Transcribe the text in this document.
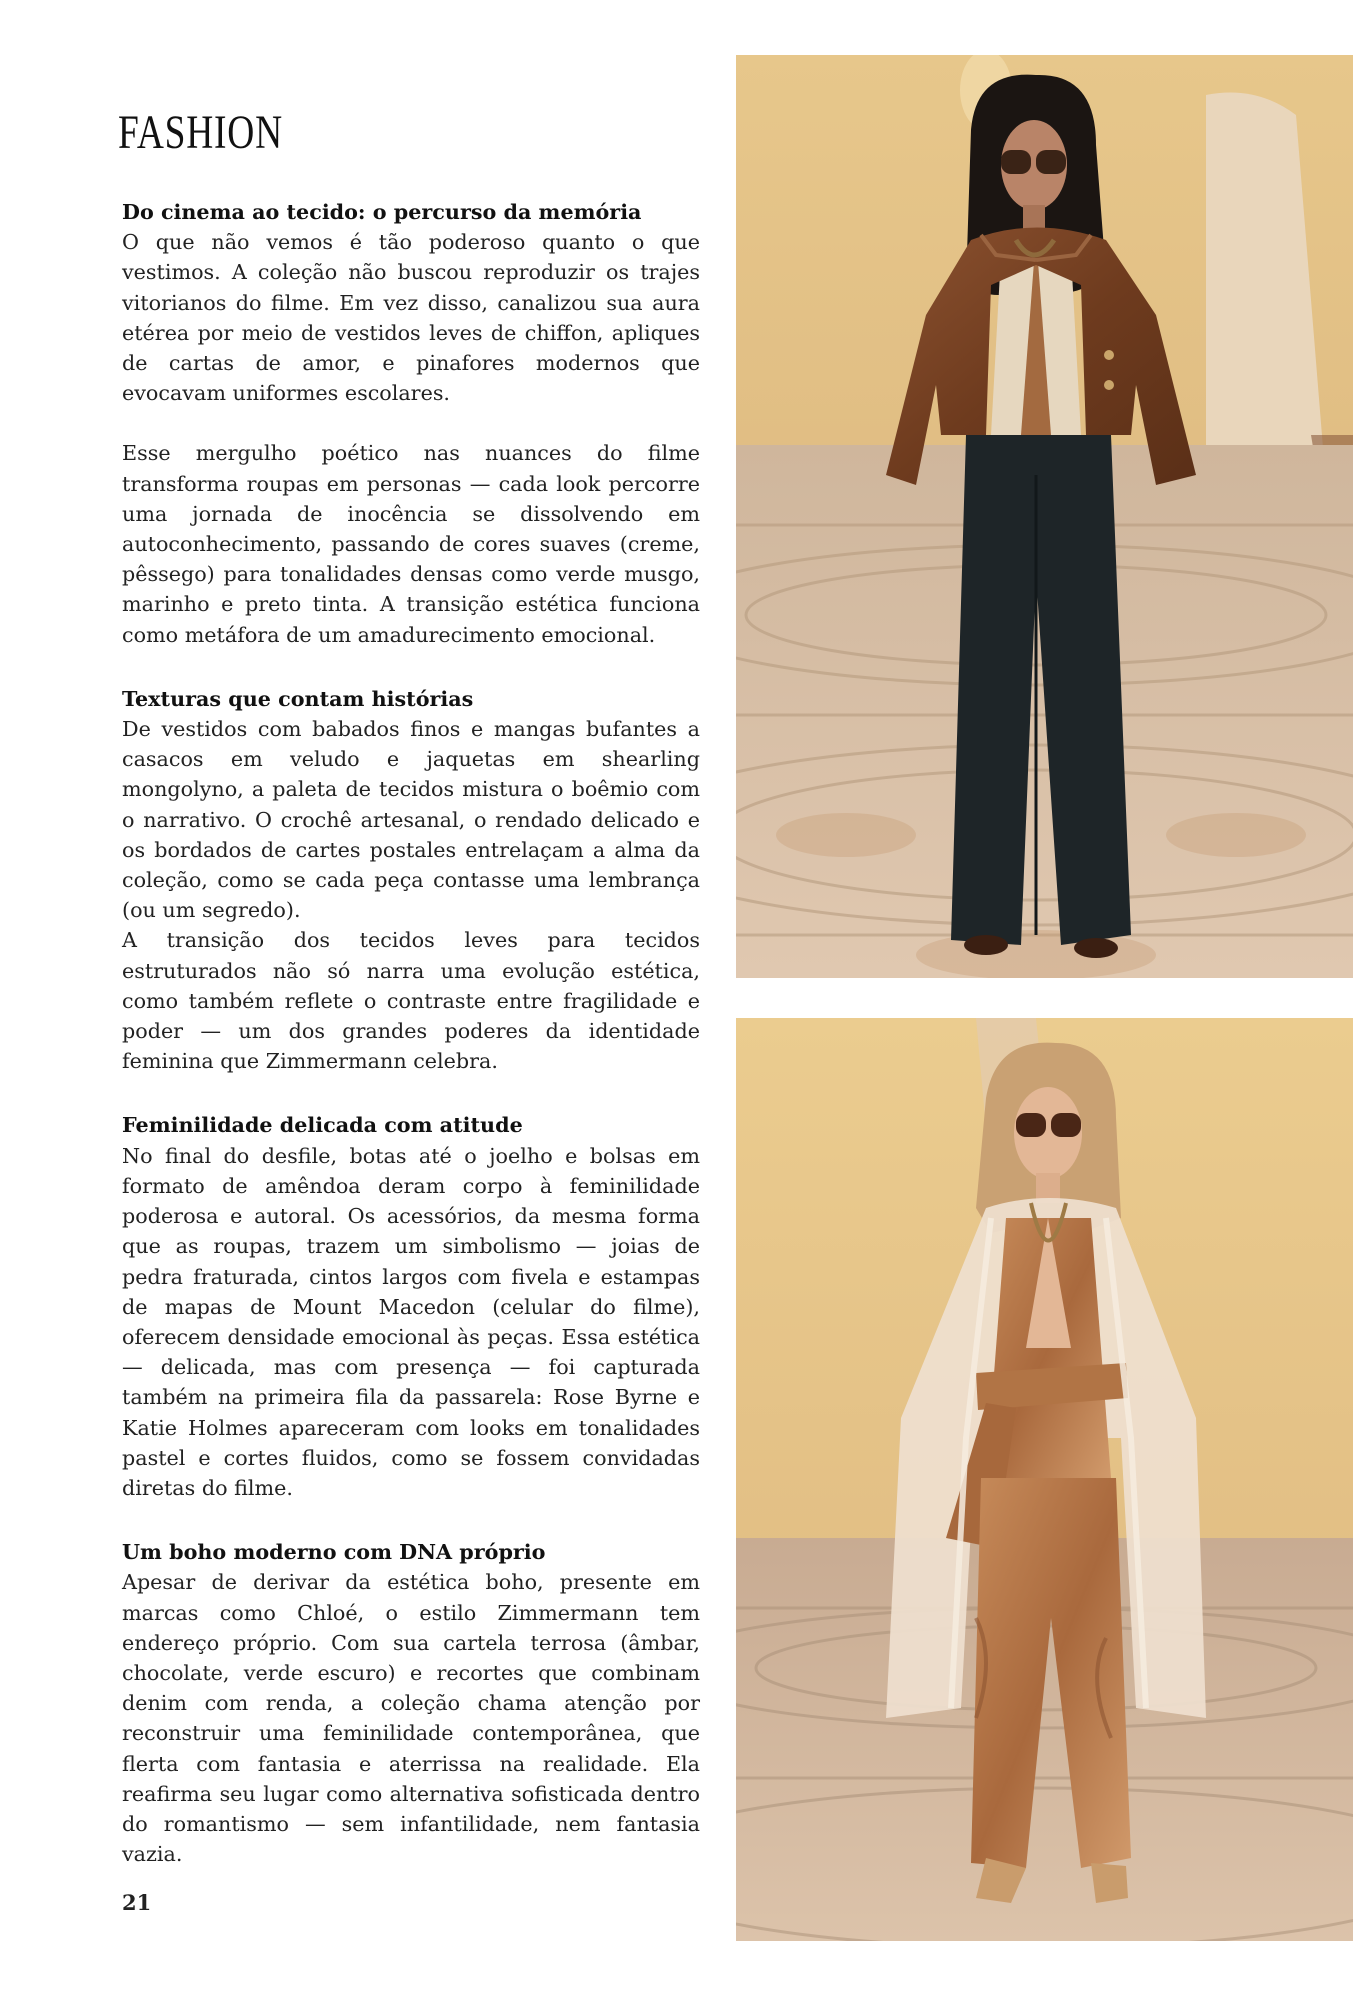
FASHION
Do cinema ao tecido: o percurso da memória

O que não vemos é tão poderoso quanto o que vestimos. A coleção não buscou reproduzir os trajes vitorianos do filme. Em vez disso, canalizou sua aura etérea por meio de vestidos leves de chiffon, apliques de cartas de amor, e pinafores modernos que evocavam uniformes escolares.

Esse mergulho poético nas nuances do filme transforma roupas em personas — cada look percorre uma jornada de inocência se dissolvendo em autoconhecimento, passando de cores suaves (creme, pêssego) para tonalidades densas como verde musgo, marinho e preto tinta. A transição estética funciona como metáfora de um amadurecimento emocional.

Texturas que contam histórias

De vestidos com babados finos e mangas bufantes a casacos em veludo e jaquetas em shearling mongolyno, a paleta de tecidos mistura o boêmio com o narrativo. O crochê artesanal, o rendado delicado e os bordados de cartes postales entrelaçam a alma da coleção, como se cada peça contasse uma lembrança (ou um segredo).

A transição dos tecidos leves para tecidos estruturados não só narra uma evolução estética, como também reflete o contraste entre fragilidade e poder — um dos grandes poderes da identidade feminina que Zimmermann celebra.

Feminilidade delicada com atitude

No final do desfile, botas até o joelho e bolsas em formato de amêndoa deram corpo à feminilidade poderosa e autoral. Os acessórios, da mesma forma que as roupas, trazem um simbolismo — joias de pedra fraturada, cintos largos com fivela e estampas de mapas de Mount Macedon (celular do filme), oferecem densidade emocional às peças. Essa estética — delicada, mas com presença — foi capturada também na primeira fila da passarela: Rose Byrne e Katie Holmes apareceram com looks em tonalidades pastel e cortes fluidos, como se fossem convidadas diretas do filme.

Um boho moderno com DNA próprio

Apesar de derivar da estética boho, presente em marcas como Chloé, o estilo Zimmermann tem endereço próprio. Com sua cartela terrosa (âmbar, chocolate, verde escuro) e recortes que combinam denim com renda, a coleção chama atenção por reconstruir uma feminilidade contemporânea, que flerta com fantasia e aterrissa na realidade. Ela reafirma seu lugar como alternativa sofisticada dentro do romantismo — sem infantilidade, nem fantasia vazia.

21
